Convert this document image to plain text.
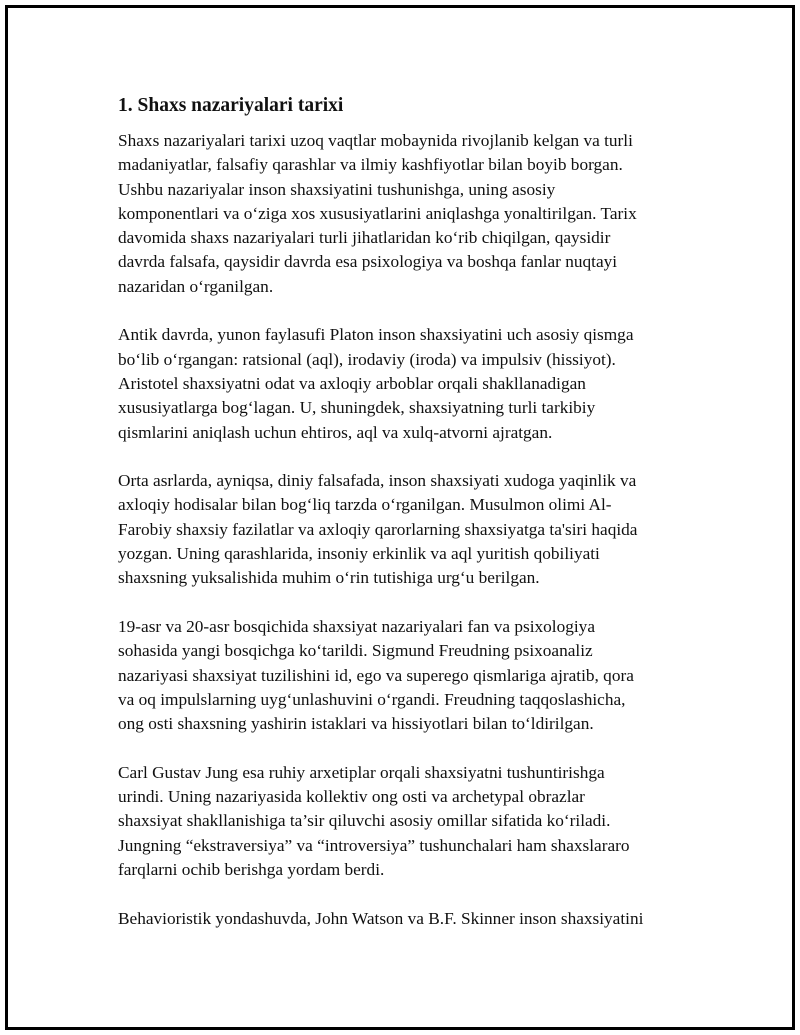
1. Shaxs nazariyalari tarixi

Shaxs nazariyalari tarixi uzoq vaqtlar mobaynida rivojlanib kelgan va turli
madaniyatlar, falsafiy qarashlar va ilmiy kashfiyotlar bilan boyib borgan.
Ushbu nazariyalar inson shaxsiyatini tushunishga, uning asosiy
komponentlari va o‘ziga xos xususiyatlarini aniqlashga yonaltirilgan. Tarix
davomida shaxs nazariyalari turli jihatlaridan ko‘rib chiqilgan, qaysidir
davrda falsafa, qaysidir davrda esa psixologiya va boshqa fanlar nuqtayi
nazaridan o‘rganilgan.

Antik davrda, yunon faylasufi Platon inson shaxsiyatini uch asosiy qismga
bo‘lib o‘rgangan: ratsional (aql), irodaviy (iroda) va impulsiv (hissiyot).
Aristotel shaxsiyatni odat va axloqiy arboblar orqali shakllanadigan
xususiyatlarga bog‘lagan. U, shuningdek, shaxsiyatning turli tarkibiy
qismlarini aniqlash uchun ehtiros, aql va xulq-atvorni ajratgan.

Orta asrlarda, ayniqsa, diniy falsafada, inson shaxsiyati xudoga yaqinlik va
axloqiy hodisalar bilan bog‘liq tarzda o‘rganilgan. Musulmon olimi Al-
Farobiy shaxsiy fazilatlar va axloqiy qarorlarning shaxsiyatga ta'siri haqida
yozgan. Uning qarashlarida, insoniy erkinlik va aql yuritish qobiliyati
shaxsning yuksalishida muhim o‘rin tutishiga urg‘u berilgan.

19-asr va 20-asr bosqichida shaxsiyat nazariyalari fan va psixologiya
sohasida yangi bosqichga ko‘tarildi. Sigmund Freudning psixoanaliz
nazariyasi shaxsiyat tuzilishini id, ego va superego qismlariga ajratib, qora
va oq impulslarning uyg‘unlashuvini o‘rgandi. Freudning taqqoslashicha,
ong osti shaxsning yashirin istaklari va hissiyotlari bilan to‘ldirilgan.

Carl Gustav Jung esa ruhiy arxetiplar orqali shaxsiyatni tushuntirishga
urindi. Uning nazariyasida kollektiv ong osti va archetypal obrazlar
shaxsiyat shakllanishiga ta’sir qiluvchi asosiy omillar sifatida ko‘riladi.
Jungning “ekstraversiya” va “introversiya” tushunchalari ham shaxslararo
farqlarni ochib berishga yordam berdi.

Behavioristik yondashuvda, John Watson va B.F. Skinner inson shaxsiyatini
